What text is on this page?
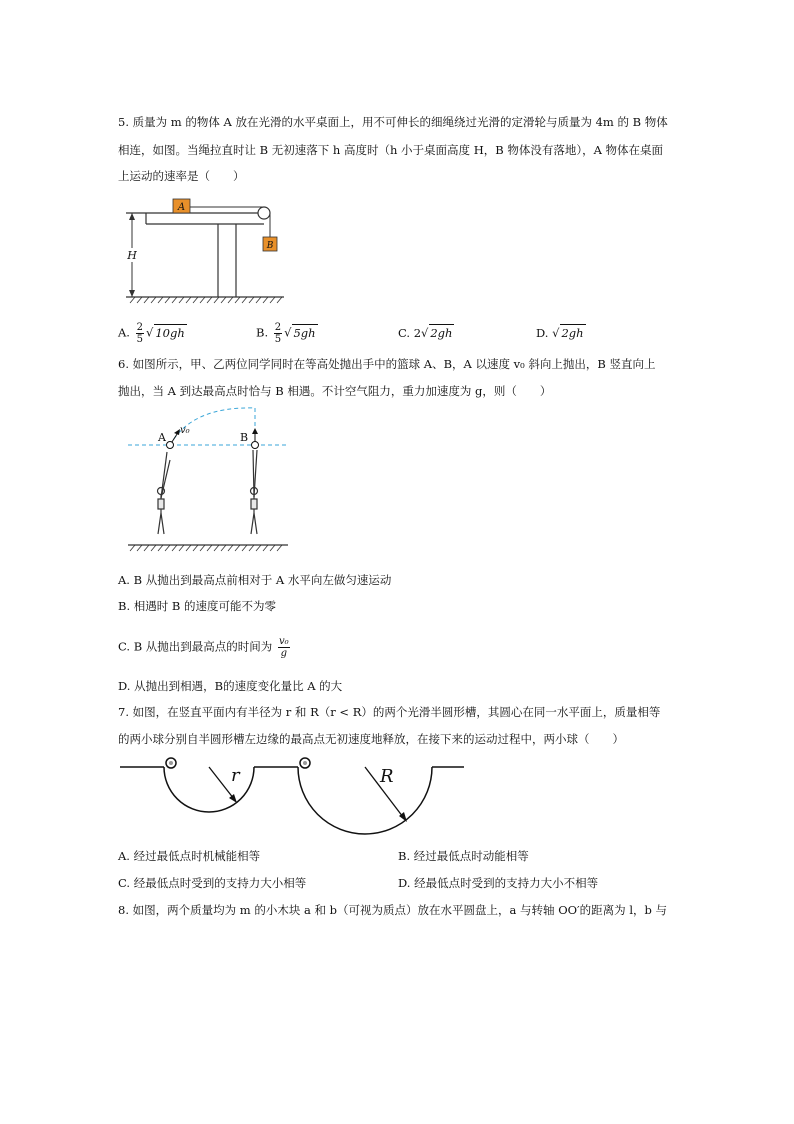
5. 质量为 m 的物体 A 放在光滑的水平桌面上，用不可伸长的细绳绕过光滑的定滑轮与质量为 4m 的 B 物体
相连，如图。当绳拉直时让 B 无初速落下 h 高度时（h 小于桌面高度 H，B 物体没有落地），A 物体在桌面
上运动的速率是（　　）
A
B
H
A. $\frac{2}{5}$ √ 10gh	B. $\frac{2}{5}$ √ 5gh	C. 2√ 2gh	D. √ 2gh
6. 如图所示，甲、乙两位同学同时在等高处抛出手中的篮球 A、B，A 以速度 v₀ 斜向上抛出，B 竖直向上
抛出，当 A 到达最高点时恰与 B 相遇。不计空气阻力，重力加速度为 g，则（　　）
A	B
v₀
A. B 从抛出到最高点前相对于 A 水平向左做匀速运动
B. 相遇时 B 的速度可能不为零
C. B 从抛出到最高点的时间为 $\frac{\text{v₀}}{g}$
D. 从抛出到相遇，B的速度变化量比 A 的大
7. 如图，在竖直平面内有半径为 r 和 R（r < R）的两个光滑半圆形槽，其圆心在同一水平面上，质量相等
的两小球分别自半圆形槽左边缘的最高点无初速度地释放，在接下来的运动过程中，两小球（　　）
r	R
A. 经过最低点时机械能相等	B. 经过最低点时动能相等
C. 经最低点时受到的支持力大小相等	D. 经最低点时受到的支持力大小不相等
8. 如图，两个质量均为 m 的小木块 a 和 b（可视为质点）放在水平圆盘上，a 与转轴 OO′的距离为 l，b 与
